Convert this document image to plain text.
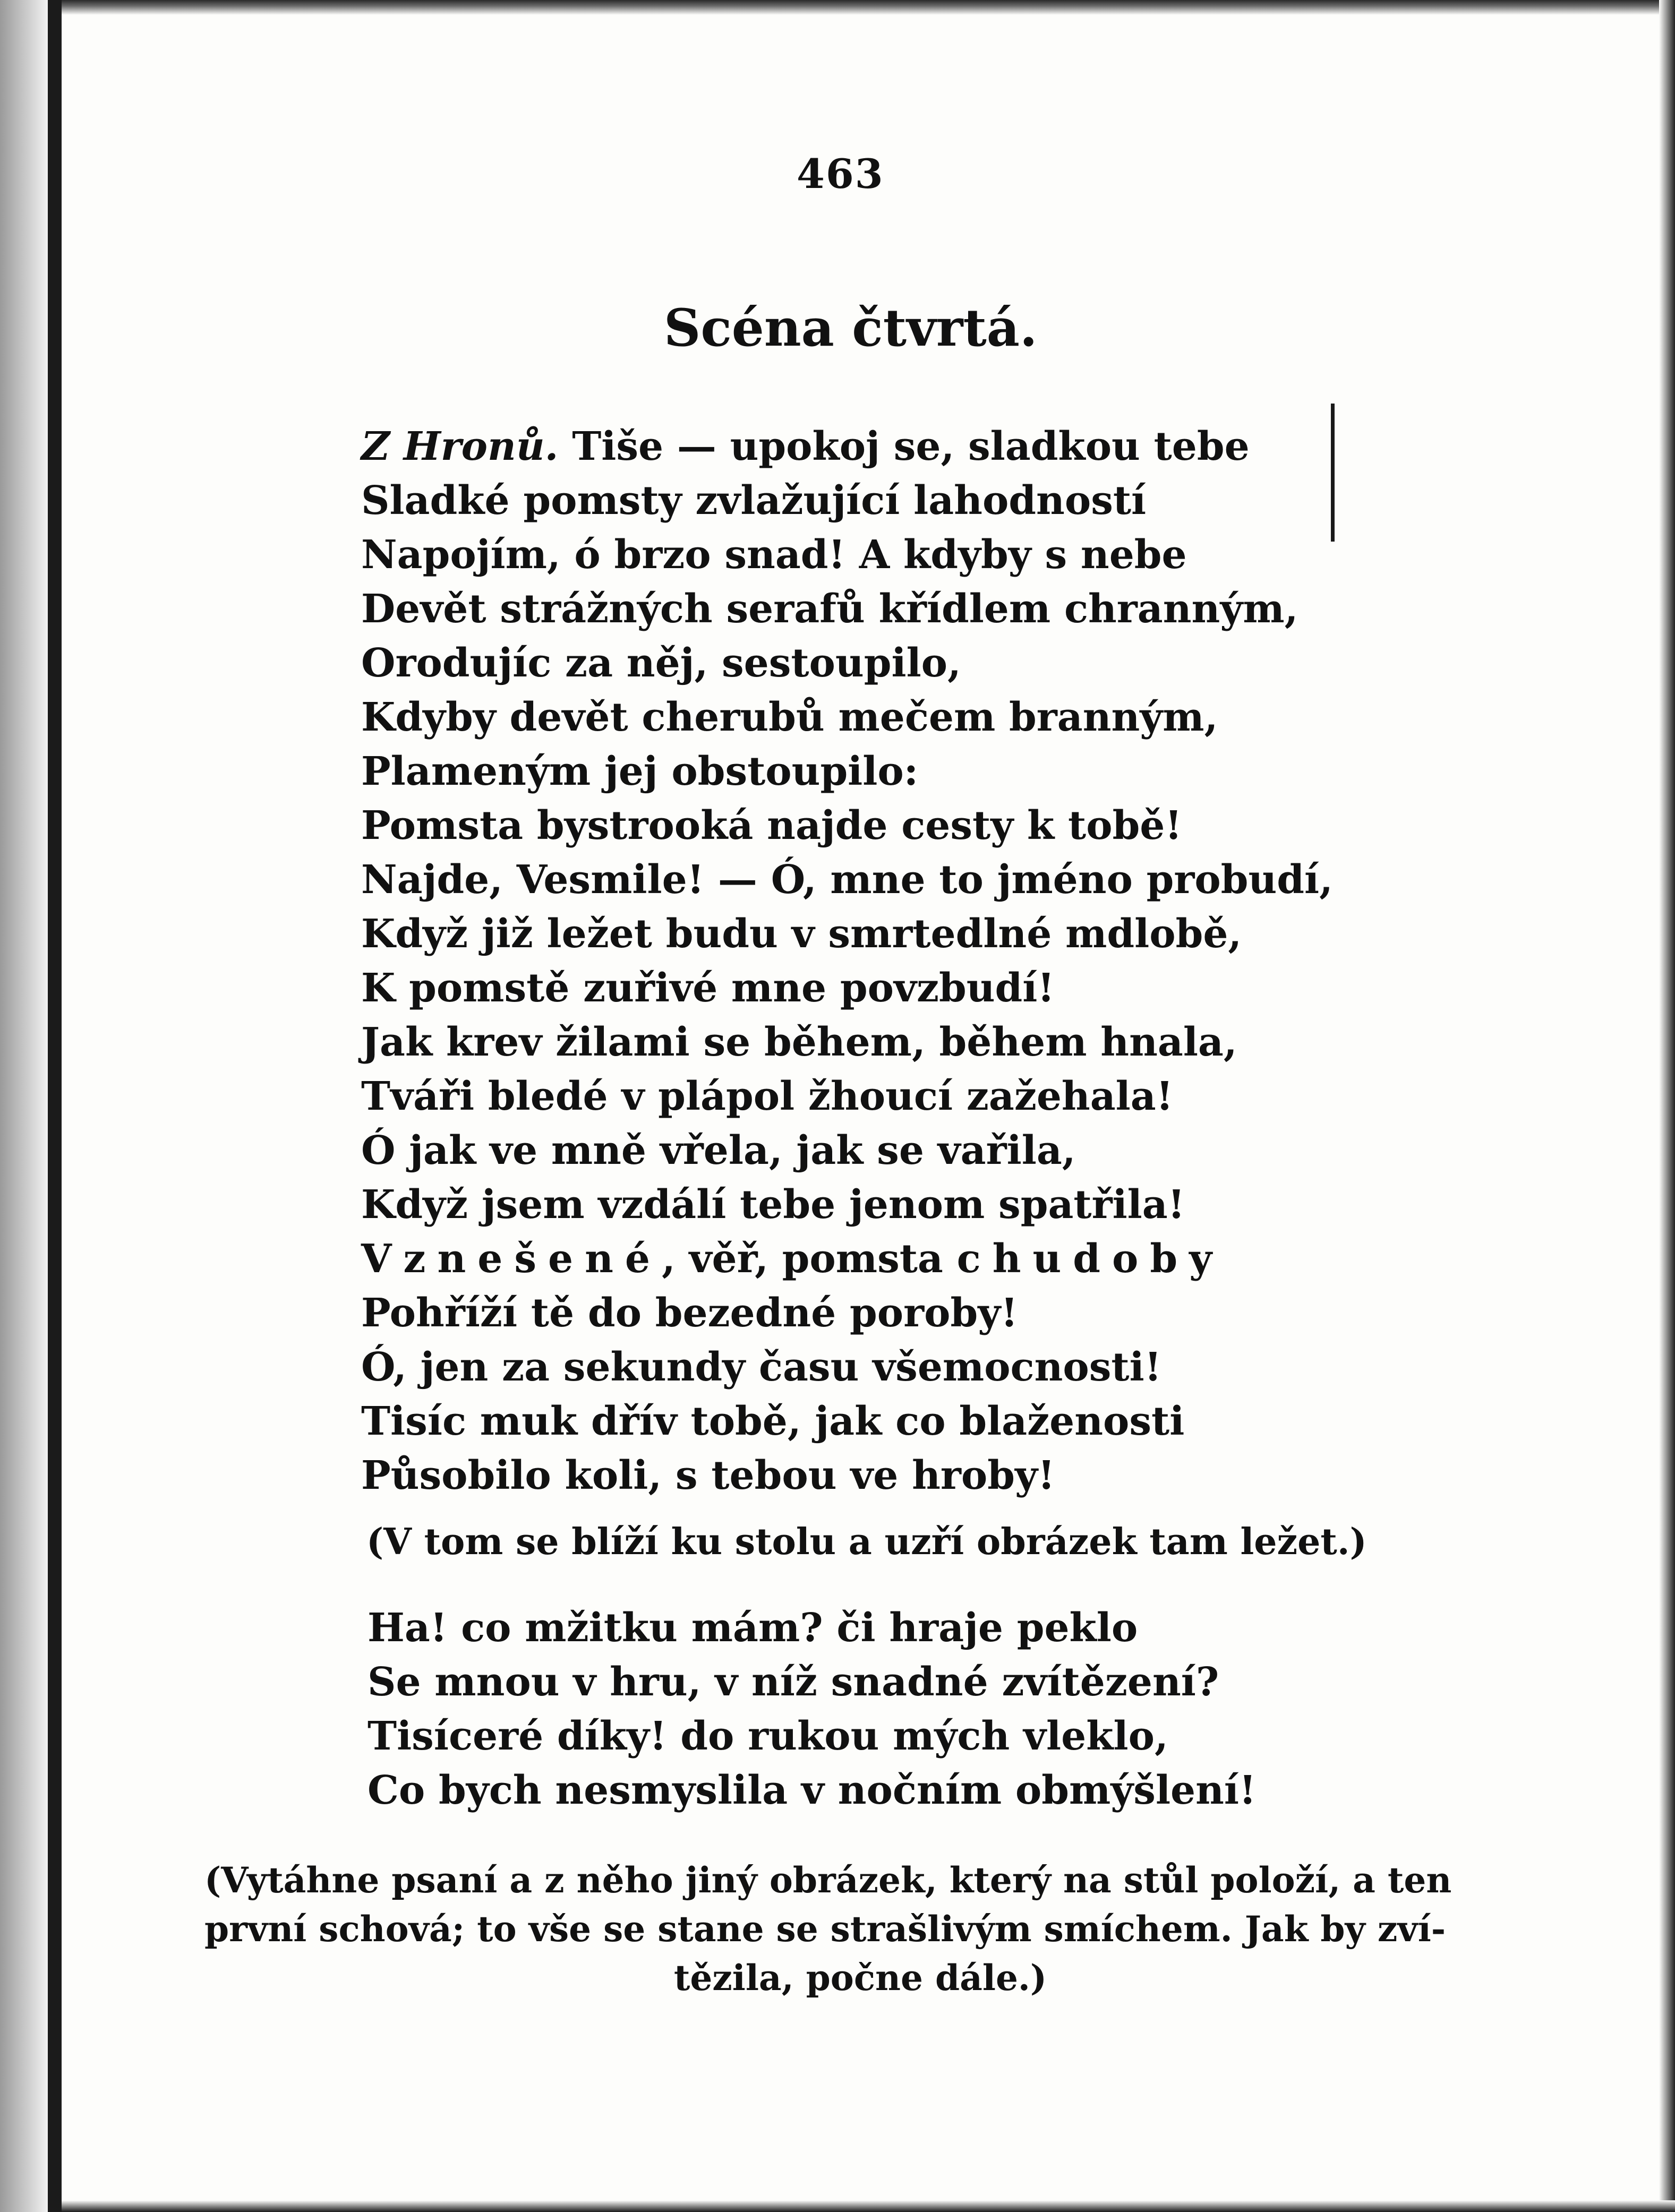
463
Scéna čtvrtá.
Z Hronů. Tiše — upokoj se, sladkou tebe
Sladké pomsty zvlažující lahodností
Napojím, ó brzo snad! A kdyby s nebe
Devět strážných serafů křídlem chranným,
Orodujíc za něj, sestoupilo,
Kdyby devět cherubů mečem branným,
Plameným jej obstoupilo:
Pomsta bystrooká najde cesty k tobě!
Najde, Vesmile! — Ó, mne to jméno probudí,
Když již ležet budu v smrtedlné mdlobě,
K pomstě zuřivé mne povzbudí!
Jak krev žilami se během, během hnala,
Tváři bledé v plápol žhoucí zažehala!
Ó jak ve mně vřela, jak se vařila,
Když jsem vzdálí tebe jenom spatřila!
Vznešené, věř, pomsta chudoby
Pohříží tě do bezedné poroby!
Ó, jen za sekundy času všemocnosti!
Tisíc muk dřív tobě, jak co blaženosti
Působilo koli, s tebou ve hroby!
(V tom se blíží ku stolu a uzří obrázek tam ležet.)
Ha! co mžitku mám? či hraje peklo
Se mnou v hru, v níž snadné zvítězení?
Tisíceré díky! do rukou mých vleklo,
Co bych nesmyslila v nočním obmýšlení!
(Vytáhne psaní a z něho jiný obrázek, který na stůl položí, a ten
první schová; to vše se stane se strašlivým smíchem. Jak by zví-
tězila, počne dále.)
